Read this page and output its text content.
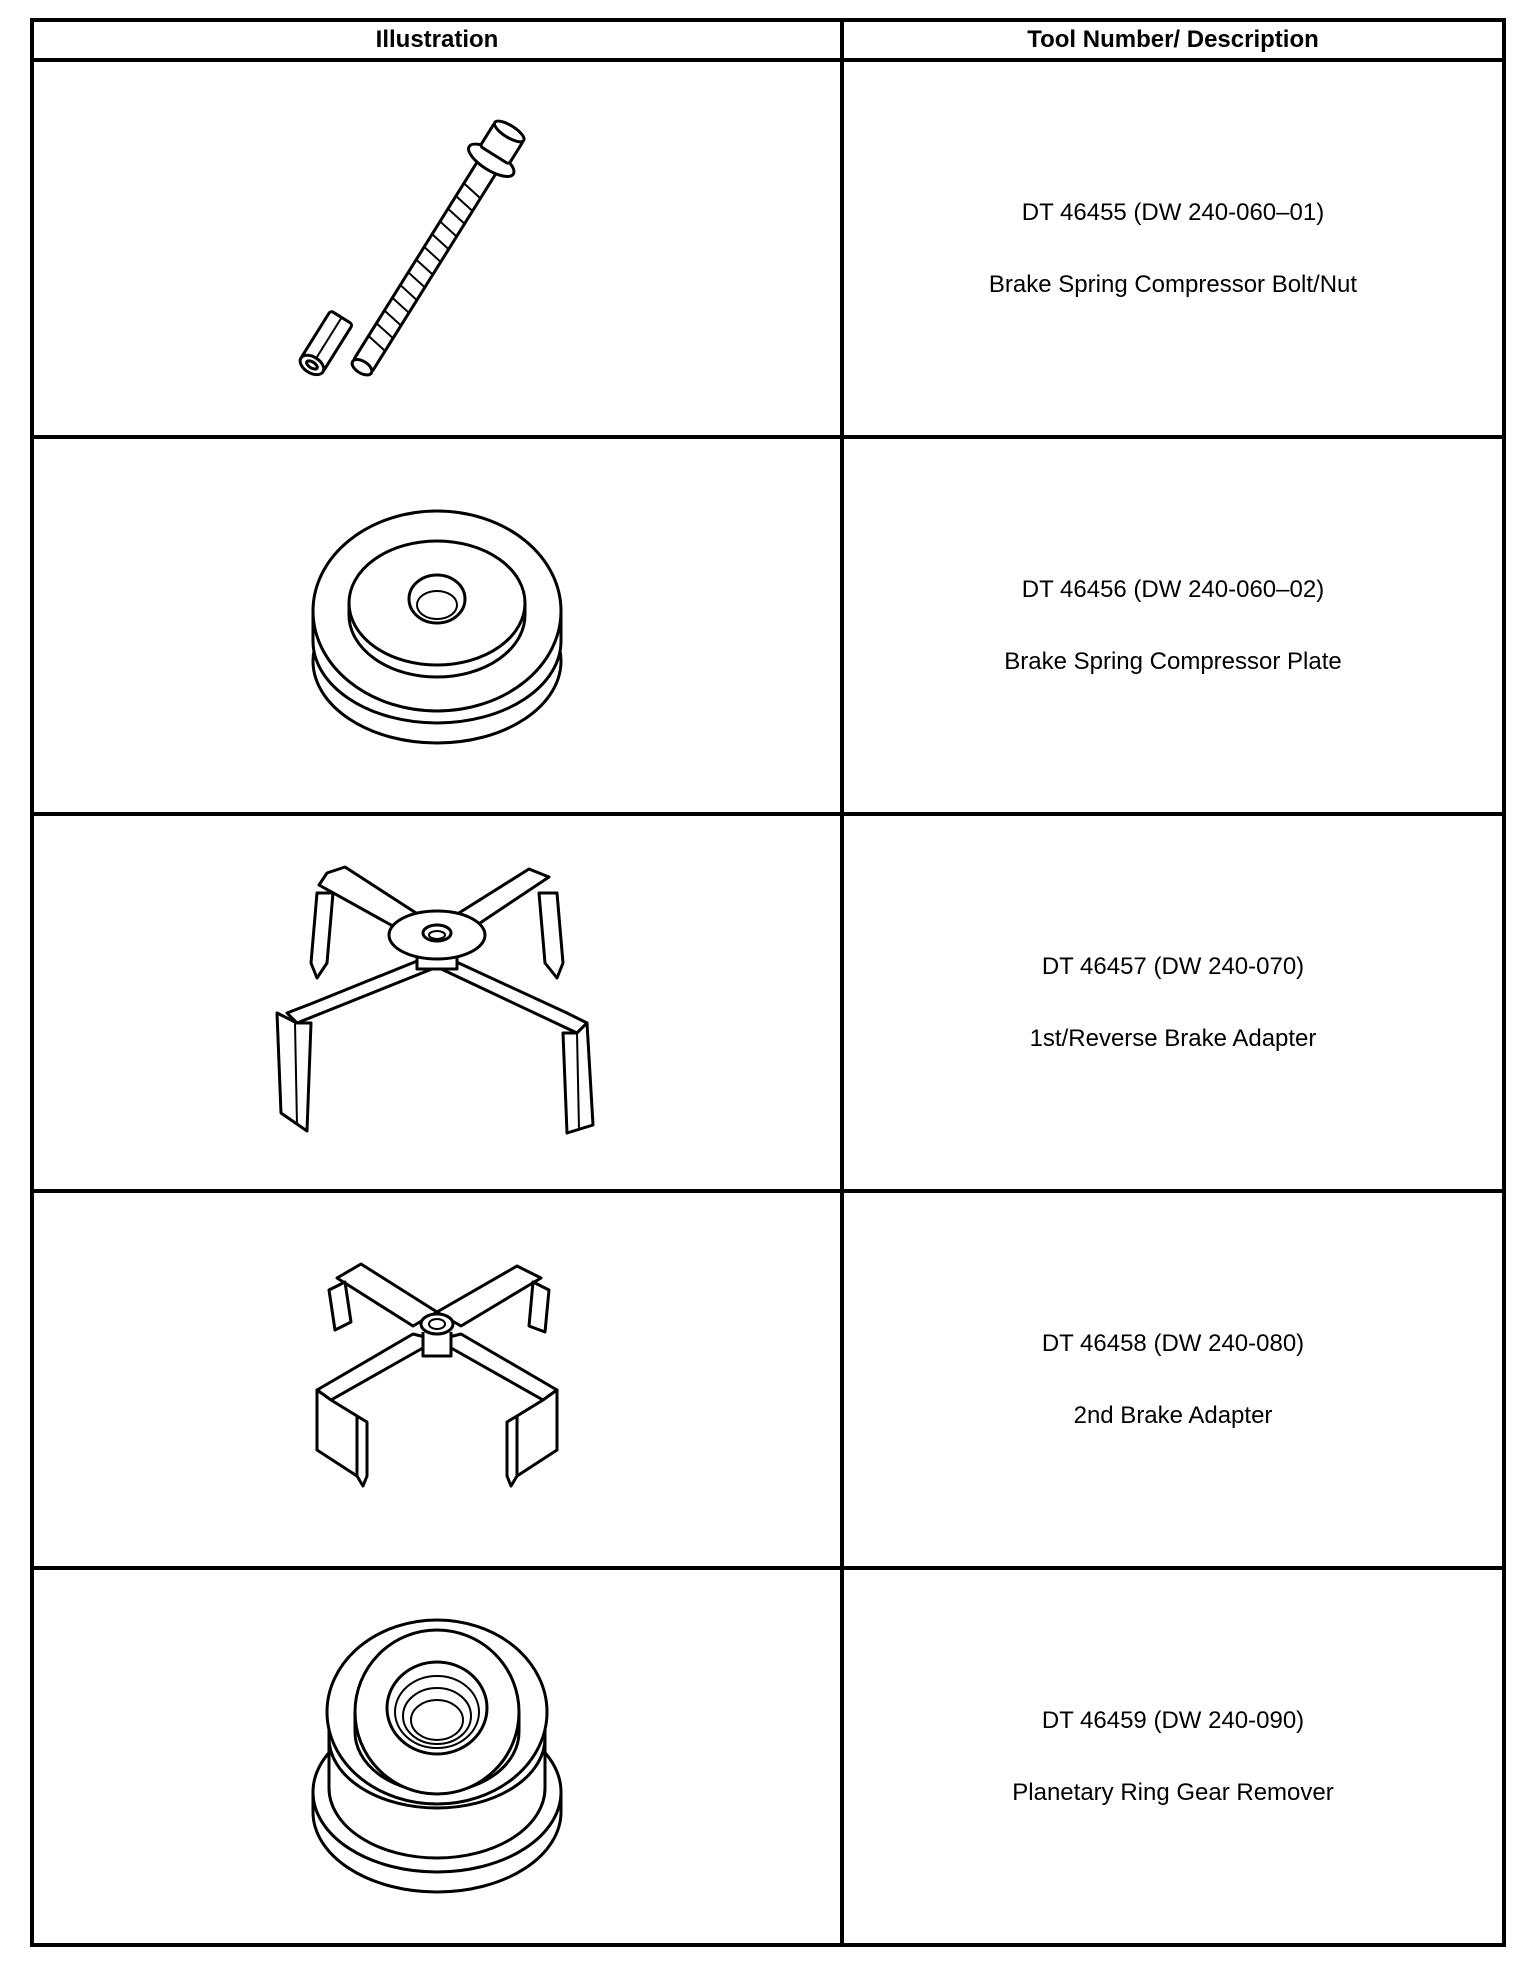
Illustration	Tool Number/ Description

DT 46455 (DW 240-060–01)
Brake Spring Compressor Bolt/Nut

DT 46456 (DW 240-060–02)
Brake Spring Compressor Plate

DT 46457 (DW 240-070)
1st/Reverse Brake Adapter

DT 46458 (DW 240-080)
2nd Brake Adapter

DT 46459 (DW 240-090)
Planetary Ring Gear Remover
